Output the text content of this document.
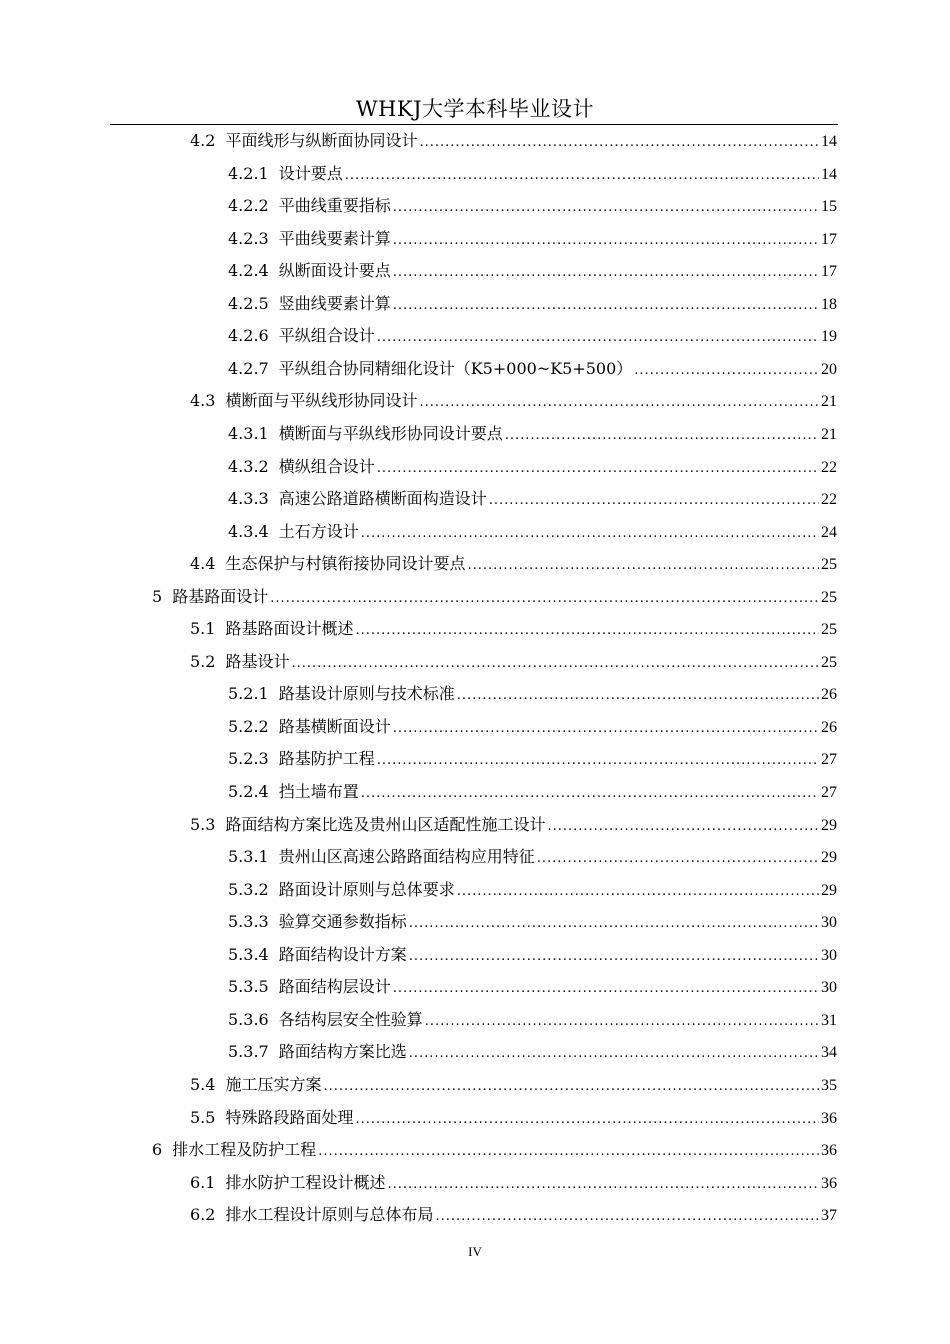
WHKJ大学本科毕业设计
4.2 平面线形与纵断面协同设计 .....	14
4.2.1 设计要点 .....	14
4.2.2 平曲线重要指标 .....	15
4.2.3 平曲线要素计算 .....	17
4.2.4 纵断面设计要点 .....	17
4.2.5 竖曲线要素计算 .....	18
4.2.6 平纵组合设计 .....	19
4.2.7 平纵组合协同精细化设计（K5+000~K5+500） .....	20
4.3 横断面与平纵线形协同设计 .....	21
4.3.1 横断面与平纵线形协同设计要点 .....	21
4.3.2 横纵组合设计 .....	22
4.3.3 高速公路道路横断面构造设计 .....	22
4.3.4 土石方设计 .....	24
4.4 生态保护与村镇衔接协同设计要点 .....	25
5 路基路面设计 .....	25
5.1 路基路面设计概述 .....	25
5.2 路基设计 .....	25
5.2.1 路基设计原则与技术标准 .....	26
5.2.2 路基横断面设计 .....	26
5.2.3 路基防护工程 .....	27
5.2.4 挡土墙布置 .....	27
5.3 路面结构方案比选及贵州山区适配性施工设计 .....	29
5.3.1 贵州山区高速公路路面结构应用特征 .....	29
5.3.2 路面设计原则与总体要求 .....	29
5.3.3 验算交通参数指标 .....	30
5.3.4 路面结构设计方案 .....	30
5.3.5 路面结构层设计 .....	30
5.3.6 各结构层安全性验算 .....	31
5.3.7 路面结构方案比选 .....	34
5.4 施工压实方案 .....	35
5.5 特殊路段路面处理 .....	36
6 排水工程及防护工程 .....	36
6.1 排水防护工程设计概述 .....	36
6.2 排水工程设计原则与总体布局 .....	37
IV
